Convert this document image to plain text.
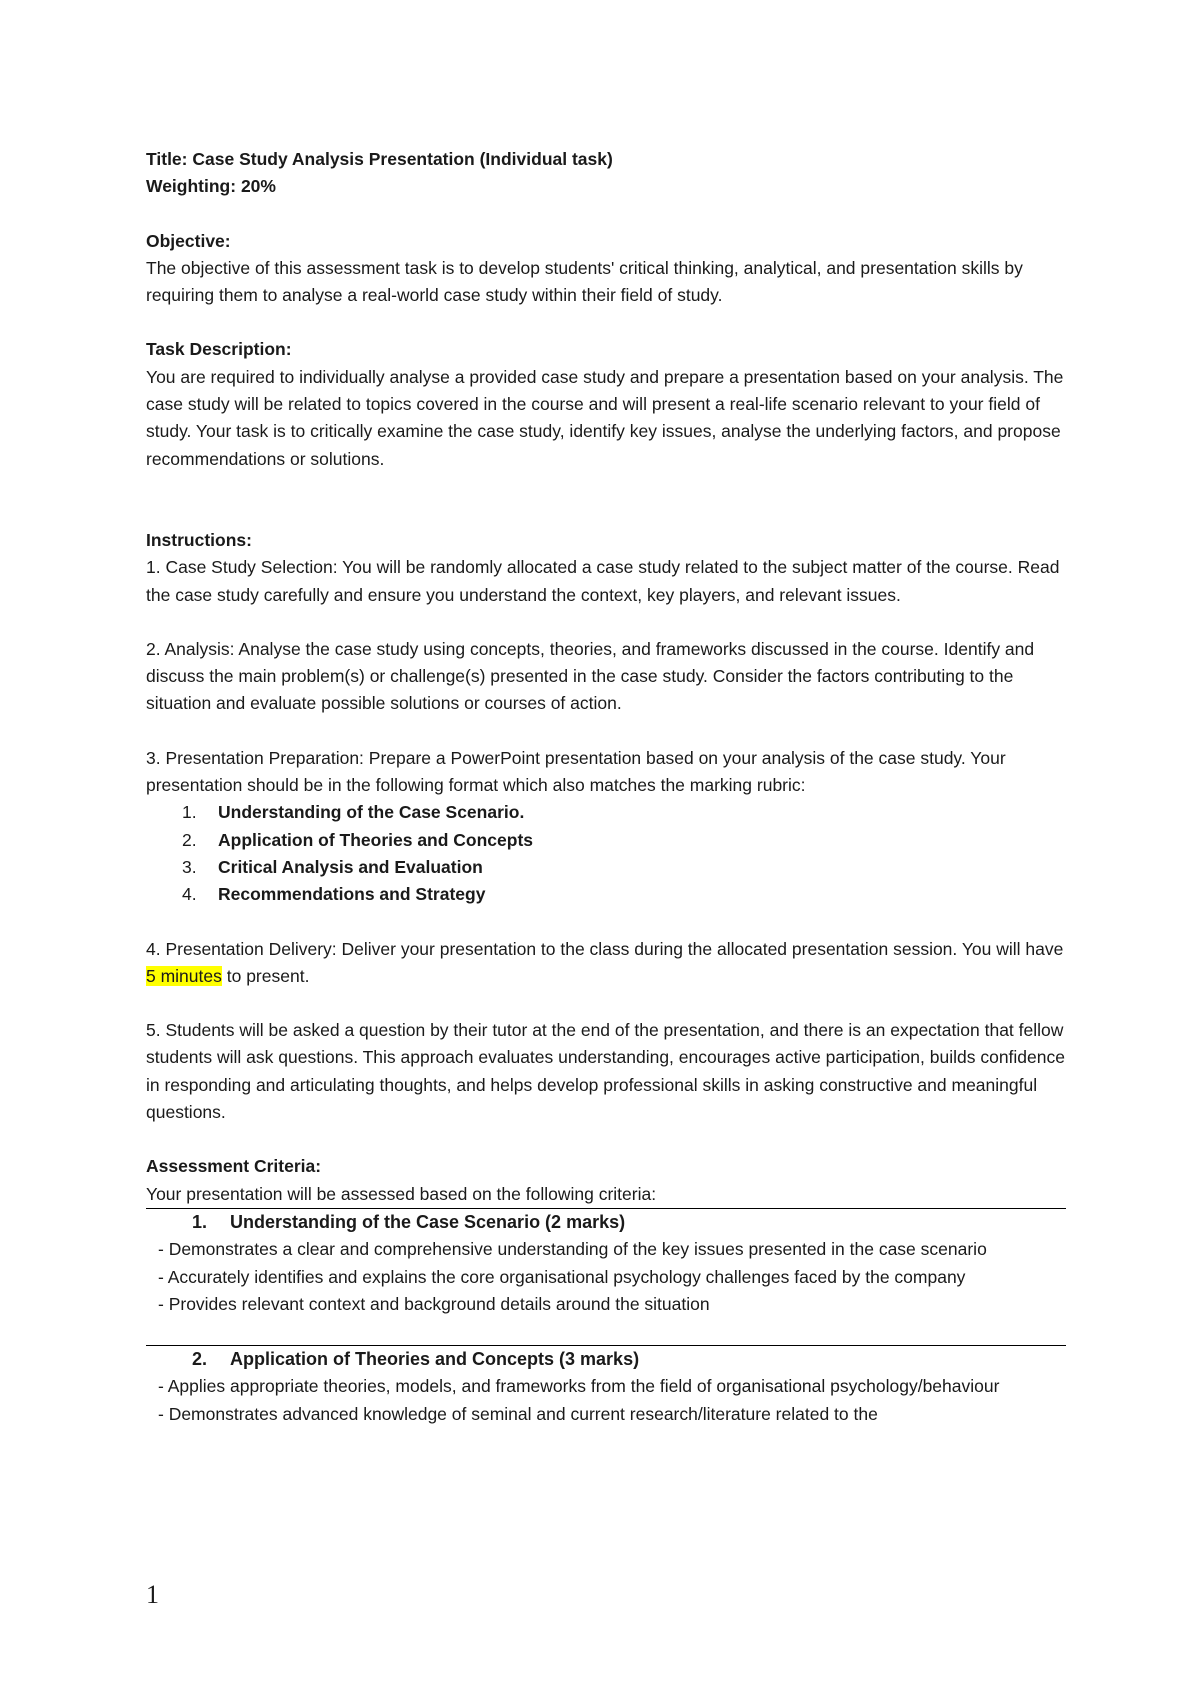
Title: Case Study Analysis Presentation (Individual task)

Weighting: 20%

Objective:

The objective of this assessment task is to develop students' critical thinking, analytical, and presentation skills by requiring them to analyse a real-world case study within their field of study.

Task Description:

You are required to individually analyse a provided case study and prepare a presentation based on your analysis. The case study will be related to topics covered in the course and will present a real-life scenario relevant to your field of study. Your task is to critically examine the case study, identify key issues, analyse the underlying factors, and propose recommendations or solutions.

Instructions:

1. Case Study Selection: You will be randomly allocated a case study related to the subject matter of the course. Read the case study carefully and ensure you understand the context, key players, and relevant issues.

2. Analysis: Analyse the case study using concepts, theories, and frameworks discussed in the course. Identify and discuss the main problem(s) or challenge(s) presented in the case study. Consider the factors contributing to the situation and evaluate possible solutions or courses of action.

3. Presentation Preparation: Prepare a PowerPoint presentation based on your analysis of the case study. Your presentation should be in the following format which also matches the marking rubric:

1. Understanding of the Case Scenario.
2. Application of Theories and Concepts
3. Critical Analysis and Evaluation
4. Recommendations and Strategy

4. Presentation Delivery: Deliver your presentation to the class during the allocated presentation session. You will have 5 minutes to present.

5. Students will be asked a question by their tutor at the end of the presentation, and there is an expectation that fellow students will ask questions. This approach evaluates understanding, encourages active participation, builds confidence in responding and articulating thoughts, and helps develop professional skills in asking constructive and meaningful questions.

Assessment Criteria:

Your presentation will be assessed based on the following criteria:

1. Understanding of the Case Scenario (2 marks)

- Demonstrates a clear and comprehensive understanding of the key issues presented in the case scenario

- Accurately identifies and explains the core organisational psychology challenges faced by the company

- Provides relevant context and background details around the situation

2. Application of Theories and Concepts (3 marks)

- Applies appropriate theories, models, and frameworks from the field of organisational psychology/behaviour

- Demonstrates advanced knowledge of seminal and current research/literature related to the

1
